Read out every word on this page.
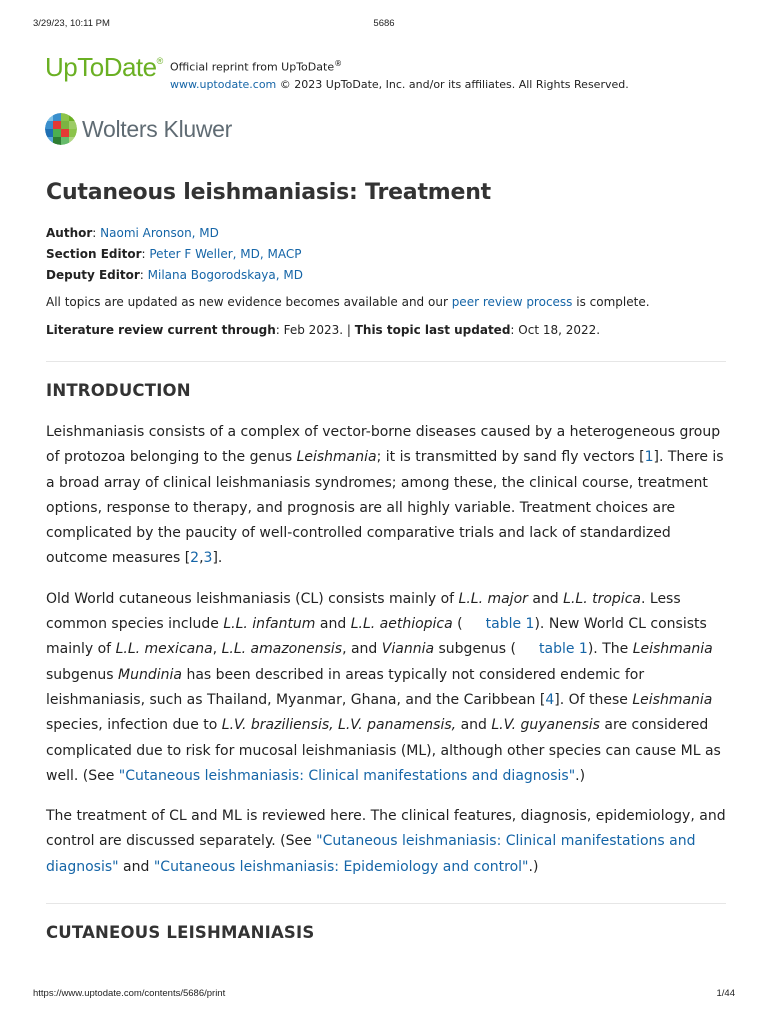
3/29/23, 10:11 PM	5686
UpToDate® Official reprint from UpToDate®
www.uptodate.com © 2023 UpToDate, Inc. and/or its affiliates. All Rights Reserved.
Wolters Kluwer
Cutaneous leishmaniasis: Treatment
Author: Naomi Aronson, MD
Section Editor: Peter F Weller, MD, MACP
Deputy Editor: Milana Bogorodskaya, MD
All topics are updated as new evidence becomes available and our peer review process is complete.
Literature review current through: Feb 2023. | This topic last updated: Oct 18, 2022.
INTRODUCTION

Leishmaniasis consists of a complex of vector-borne diseases caused by a heterogeneous group of protozoa belonging to the genus Leishmania; it is transmitted by sand fly vectors [1]. There is a broad array of clinical leishmaniasis syndromes; among these, the clinical course, treatment options, response to therapy, and prognosis are all highly variable. Treatment choices are complicated by the paucity of well-controlled comparative trials and lack of standardized outcome measures [2,3].

Old World cutaneous leishmaniasis (CL) consists mainly of L.L. major and L.L. tropica. Less common species include L.L. infantum and L.L. aethiopica ( table 1). New World CL consists mainly of L.L. mexicana, L.L. amazonensis, and Viannia subgenus ( table 1). The Leishmania subgenus Mundinia has been described in areas typically not considered endemic for leishmaniasis, such as Thailand, Myanmar, Ghana, and the Caribbean [4]. Of these Leishmania species, infection due to L.V. braziliensis, L.V. panamensis, and L.V. guyanensis are considered complicated due to risk for mucosal leishmaniasis (ML), although other species can cause ML as well. (See "Cutaneous leishmaniasis: Clinical manifestations and diagnosis".)

The treatment of CL and ML is reviewed here. The clinical features, diagnosis, epidemiology, and control are discussed separately. (See "Cutaneous leishmaniasis: Clinical manifestations and diagnosis" and "Cutaneous leishmaniasis: Epidemiology and control".)

CUTANEOUS LEISHMANIASIS
https://www.uptodate.com/contents/5686/print	1/44
